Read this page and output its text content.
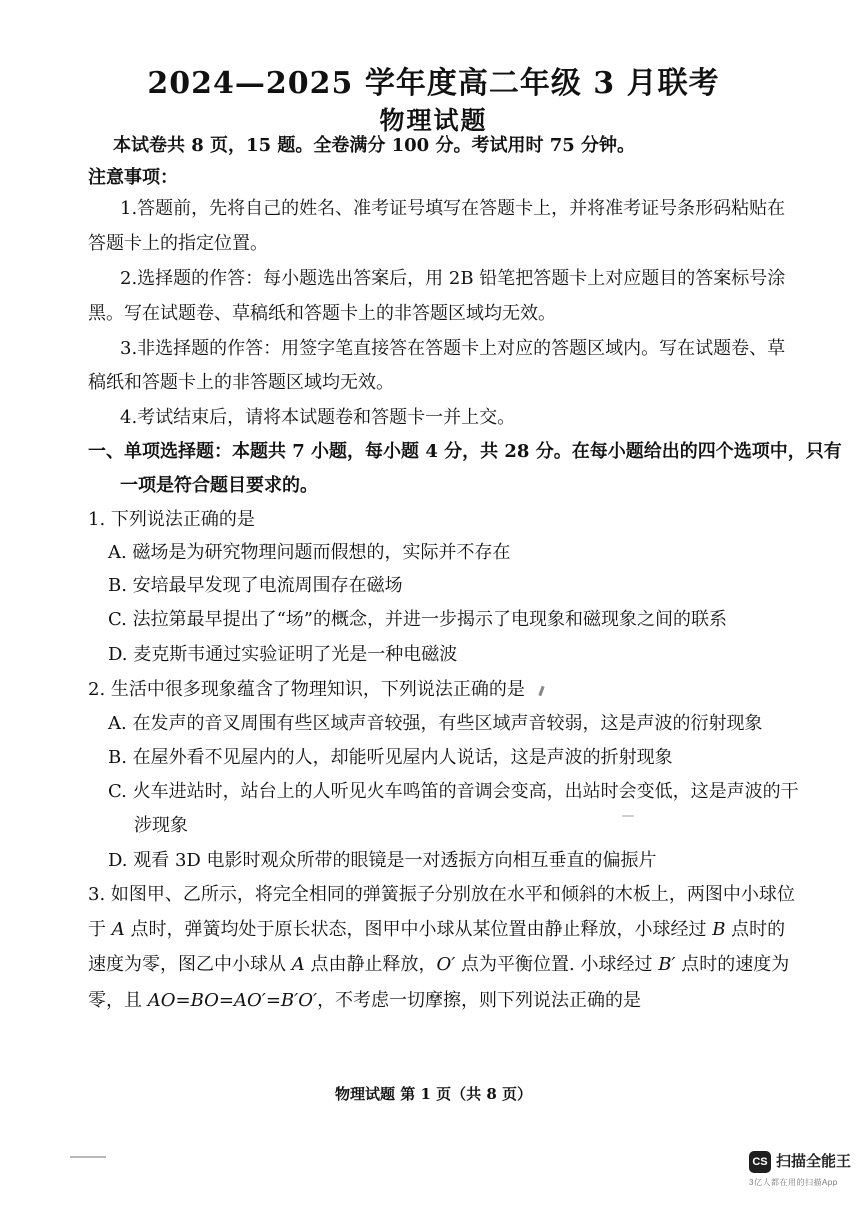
2024—2025 学年度高二年级 3 月联考
物理试题
本试卷共 8 页，15 题。全卷满分 100 分。考试用时 75 分钟。
注意事项：
1.答题前，先将自己的姓名、准考证号填写在答题卡上，并将准考证号条形码粘贴在
答题卡上的指定位置。
2.选择题的作答：每小题选出答案后，用 2B 铅笔把答题卡上对应题目的答案标号涂
黑。写在试题卷、草稿纸和答题卡上的非答题区域均无效。
3.非选择题的作答：用签字笔直接答在答题卡上对应的答题区域内。写在试题卷、草
稿纸和答题卡上的非答题区域均无效。
4.考试结束后，请将本试题卷和答题卡一并上交。
一、单项选择题：本题共 7 小题，每小题 4 分，共 28 分。在每小题给出的四个选项中，只有
一项是符合题目要求的。
1. 下列说法正确的是
A. 磁场是为研究物理问题而假想的，实际并不存在
B. 安培最早发现了电流周围存在磁场
C. 法拉第最早提出了“场”的概念，并进一步揭示了电现象和磁现象之间的联系
D. 麦克斯韦通过实验证明了光是一种电磁波
2. 生活中很多现象蕴含了物理知识，下列说法正确的是
A. 在发声的音叉周围有些区域声音较强，有些区域声音较弱，这是声波的衍射现象
B. 在屋外看不见屋内的人，却能听见屋内人说话，这是声波的折射现象
C. 火车进站时，站台上的人听见火车鸣笛的音调会变高，出站时会变低，这是声波的干
涉现象
D. 观看 3D 电影时观众所带的眼镜是一对透振方向相互垂直的偏振片
3. 如图甲、乙所示，将完全相同的弹簧振子分别放在水平和倾斜的木板上，两图中小球位
于 A 点时，弹簧均处于原长状态，图甲中小球从某位置由静止释放，小球经过 B 点时的
速度为零，图乙中小球从 A 点由静止释放，O′ 点为平衡位置. 小球经过 B′ 点时的速度为
零，且 AO=BO=AO′=B′O′，不考虑一切摩擦，则下列说法正确的是
物理试题 第 1 页（共 8 页）
CS 扫描全能王
3亿人都在用的扫描App
